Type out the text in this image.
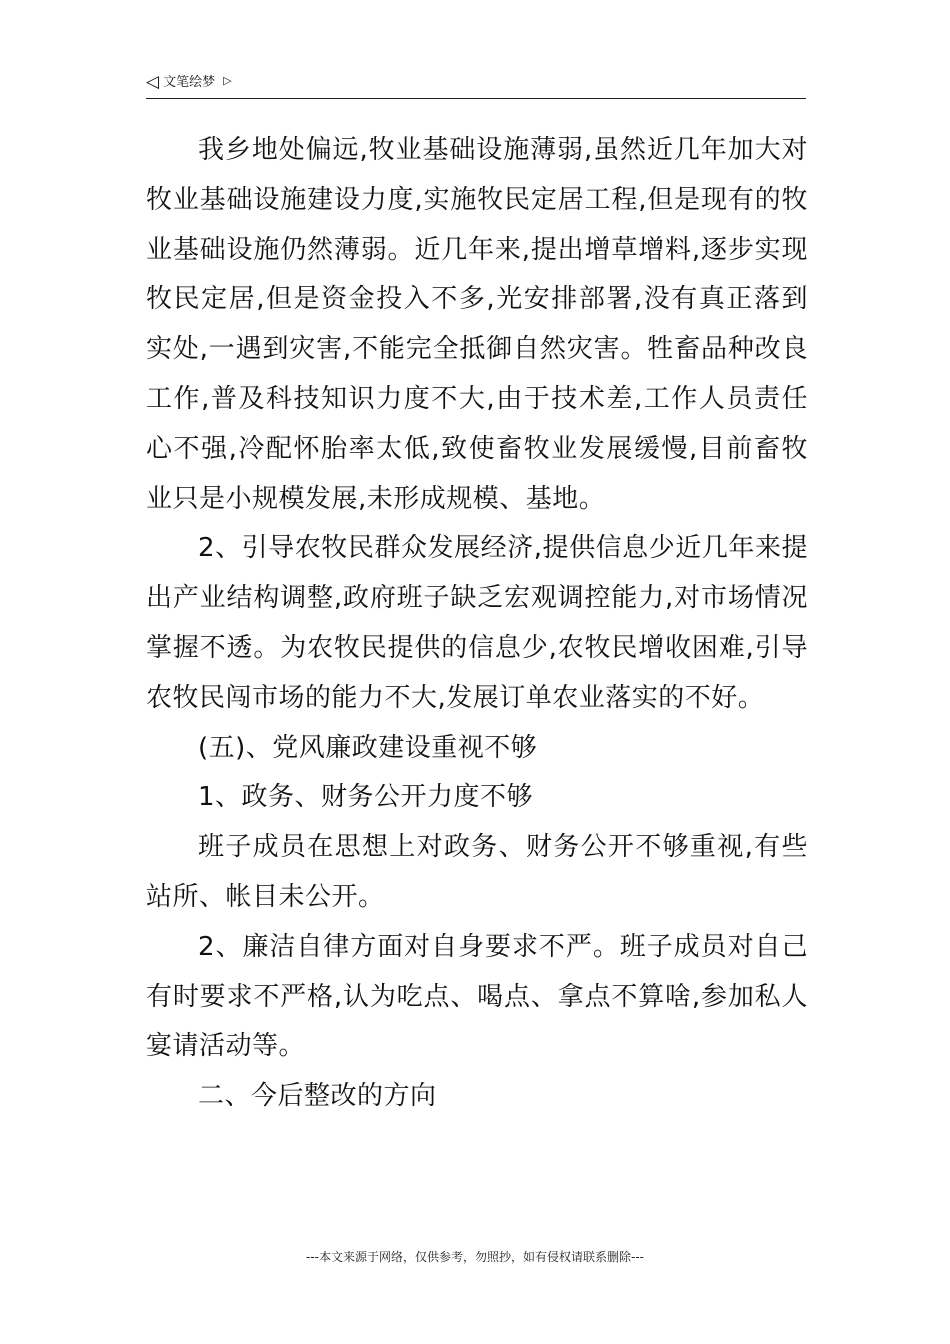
◁ 文笔绘梦 ▷

我乡地处偏远,牧业基础设施薄弱,虽然近几年加大对牧业基础设施建设力度,实施牧民定居工程,但是现有的牧业基础设施仍然薄弱。近几年来,提出增草增料,逐步实现牧民定居,但是资金投入不多,光安排部署,没有真正落到实处,一遇到灾害,不能完全抵御自然灾害。牲畜品种改良工作,普及科技知识力度不大,由于技术差,工作人员责任心不强,冷配怀胎率太低,致使畜牧业发展缓慢,目前畜牧业只是小规模发展,未形成规模、基地。

2、引导农牧民群众发展经济,提供信息少近几年来提出产业结构调整,政府班子缺乏宏观调控能力,对市场情况掌握不透。为农牧民提供的信息少,农牧民增收困难,引导农牧民闯市场的能力不大,发展订单农业落实的不好。

(五)、党风廉政建设重视不够

1、政务、财务公开力度不够

班子成员在思想上对政务、财务公开不够重视,有些站所、帐目未公开。

2、廉洁自律方面对自身要求不严。班子成员对自己有时要求不严格,认为吃点、喝点、拿点不算啥,参加私人宴请活动等。

二、今后整改的方向

---本文来源于网络，仅供参考，勿照抄，如有侵权请联系删除---
